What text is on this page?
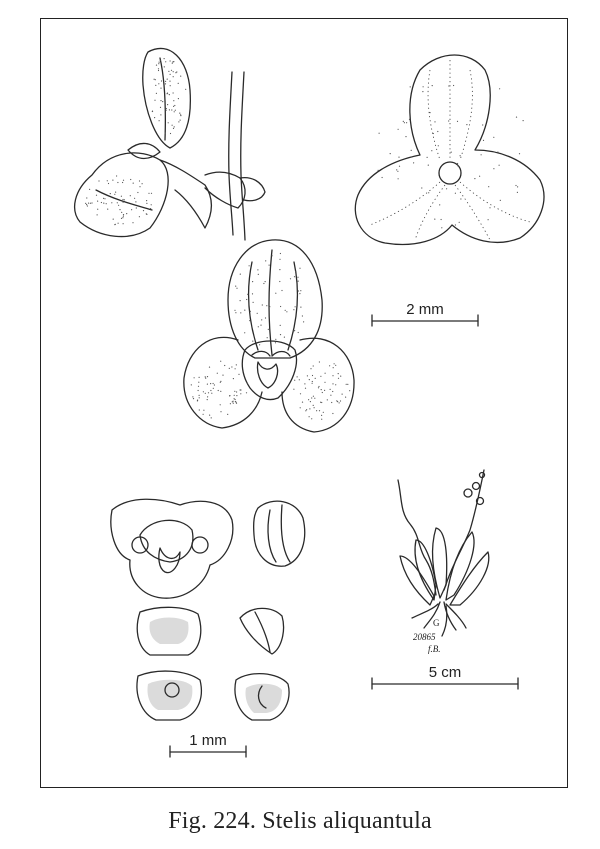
2 mm
1 mm
G
20865
f.B.
5 cm
Fig. 224. Stelis aliquantula
